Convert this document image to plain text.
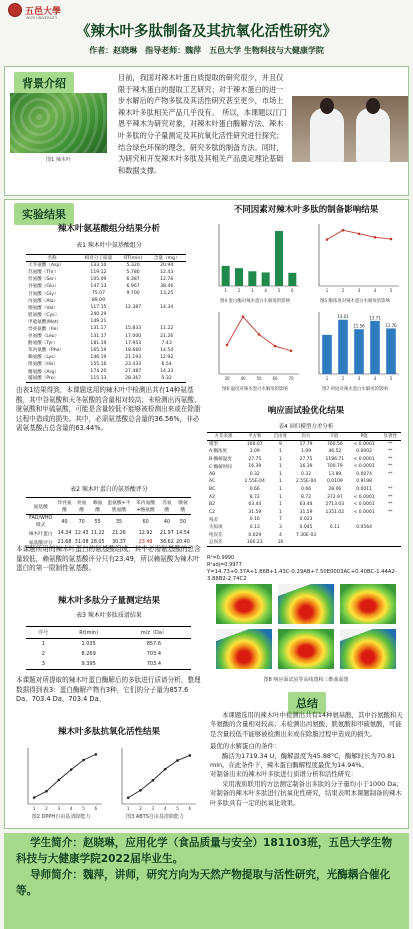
五邑大學
WUYI UNIVERSITY
《辣木叶多肽制备及其抗氧化活性研究》
作者：赵晓琳　指导老师：魏萍　五邑大学 生物科技与大健康学院
背景介绍
图1 辣木叶
目前，我国对辣木叶蛋白质提取的研究很少，并且仅限于辣木蛋白的提取工艺研究；对于辣木蛋白的进一步水解后的产物多肽及其活性研究甚至更少，市场上辣木叶多肽相关产品几乎没有。　所以，本课题以江门恩平辣木为研究对象，对辣木叶蛋白酶解方法、辣木叶多肽的分子量测定及其抗氧化活性研究进行探究；结合绿色环保的理念，研究多肽的制备方法。同时，为研究和开发辣木叶多肽及其相关产品奠定理论基础和数据支撑。
实验结果
辣木叶氨基酸组分结果分析
表1 辣木叶中氨基酸组分
名称	相对分子质量	RT(min)	含量（mg）
天冬氨酸（Asp）	133.10	5.320	20.94
苏氨酸（Thr）	119.12	5.780	12.43
丝氨酸（Ser）	105.09	6.387	12.76
谷氨酸（Glu）	147.13	6.967	38.46
甘氨酸（Gly）	75.07	9.700	13.25
丙氨酸（Ala）	89.09		
缬氨酸（Val）	117.15	12.387	14.34
胱氨酸（Cys）	240.29		
甲硫氨酸(Met)	149.21		
异亮氨酸（Ile）	131.17	15.833	11.22
亮氨酸（Leu）	131.17	17.000	21.26
酪氨酸（Tyr）	181.19	17.953	7.43
苯丙氨酸（Phe）	165.19	18.660	14.54
赖氨酸（Lys）	146.19	21.193	12.92
组氨酸（His）	155.16	23.433	6.54
精氨酸（Arg）	174.20	27.487	14.33
脯氨酸（Pro）	115.13	28.367	5.32
由表1结果得到，本课题选用的辣木叶中检测出共有14种氨基酸，其中谷氨酸和天冬氨酸的含量相对较高；未检测出丙氨酸、胱氨酸和甲硫氨酸，可能是含量较低不能够被检测出来或在除脂过程中造成的损失。其中，必需氨基酸总含量的36.56%，非必需氨基酸占总含量的63.44%。
表2 辣木叶蛋白的氨基酸评分
氨基酸	异亮氨酸	亮氨酸	赖氨酸	蛋氨酸+半胱氨酸	苯丙氨酸+酪氨酸	苏氨酸	缬氨酸
FAO/WHO模式	40	70	55	35	60	40	50
辣木叶蛋白	14.34	12.43	11.22	21.26	12.92	21.97	14.54
氨基酸评分	21.68	31.08	28.05	30.37	23.49	36.62	20.40
本课题所用的辣木叶蛋白的氨基酸组成，其中必需氨基酸的总含量较低，赖氨酸的氨基酸评分只有23.49，所以赖氨酸为辣木叶蛋白的第一限制性氨基酸。
辣木叶多肽分子量测定结果
表3 辣木叶多肽质谱结果
序号	Rt(min)	m/z（Da）
1	1.035	857.6
2	8.269	703.4
3	9.395	703.4
本课题对所提取的辣木叶蛋白酶解后的多肽进行质谱分析，整理数据得到表3：蛋白酶解产物有3种，它们的分子量为857.6 Da、703.4 Da、703.4 Da。
辣木叶多肽抗氧化活性结果
1 2 3 4 5 6
图2 DPPH自由基清除能力
1 2 3 4 5 6
图3 ABTS自由基清除能力
不同因素对辣木叶多肽的制备影响结果
1	2	3	4	5	6
图4 蛋白酶对辣木蛋白水解度的影响
1	2	3	4	5
图5 酶浓度对辣木蛋白水解度的影响
30	40	50	60	70
图6 温度对辣木蛋白水解度的影响
14.01
11.56
13.71
11.76
1	2	3	4	5
图7 时间对辣木蛋白水解度的影响
响应面试验优化结果
表4 回归模型方差分析
方差来源	平方和	自由度	均方	F值	P值	显著性
模型	160.07	9	17.79	760.56	< 0.0001	**
A-酶浓度	1.09	1	1.09	46.52	0.0002	**
B-酶解温度	27.75	1	27.75	1186.71	< 0.0001	**
C-酶解时间	16.39	1	16.39	700.79	< 0.0001	**
AB	0.32	1	0.32	13.89	0.0074	**
AC	2.55E-04	1	2.55E-04	0.0109	0.9198	
BC	0.66	1	0.66	28.06	0.0011	**
A2	8.72	1	8.72	372.97	< 0.0001	**
B2	63.44	1	63.44	2713.03	< 0.0001	**
C2	31.59	1	31.59	1351.02	< 0.0001	**
残差	0.16	7	0.023			
失拟项	0.13	3	0.045	6.11	0.0564	
纯误差	0.029	4	7.30E-03			
总误差	160.23	16				
R²=0.9990
R²adj=0.9977
Y=14.73+0.37A+1.86B+1.43C-0.29AB+7.50E0003AC+0.40BC-1.44A2-3.88B2-2.74C2
图8 响应面试验等高线图和三维曲面图
总结
本课题选用的辣木叶中检测出共有14种氨基酸，其中谷氨酸和天冬氨酸的含量相对较高；未检测出丙氨酸、胱氨酸和甲硫氨酸，可能是含量较低不能够被检测出来或在除脂过程中造成的损失。
最优的水解蛋白的条件：
酶活为1719.34 U，酶解温度为45.88°C，酶解时长为70.81 min。在此条件下，辣木蛋白酶解程度最优为14.94%。
对制备出来的辣木叶多肽进行质谱分析和活性研究：
采用液质联用的方法测定制备出多肽的分子量均小于1000 Da；对制备的辣木叶多肽进行抗氧化性研究，结果表明本课题制备的辣木叶多肽具有一定的抗氧化效果。

学生简介：赵晓琳，应用化学（食品质量与安全）181103班，五邑大学生物科技与大健康学院2022届毕业生。

导师简介：魏萍，讲师，研究方向为天然产物提取与活性研究，光酶耦合催化等。
